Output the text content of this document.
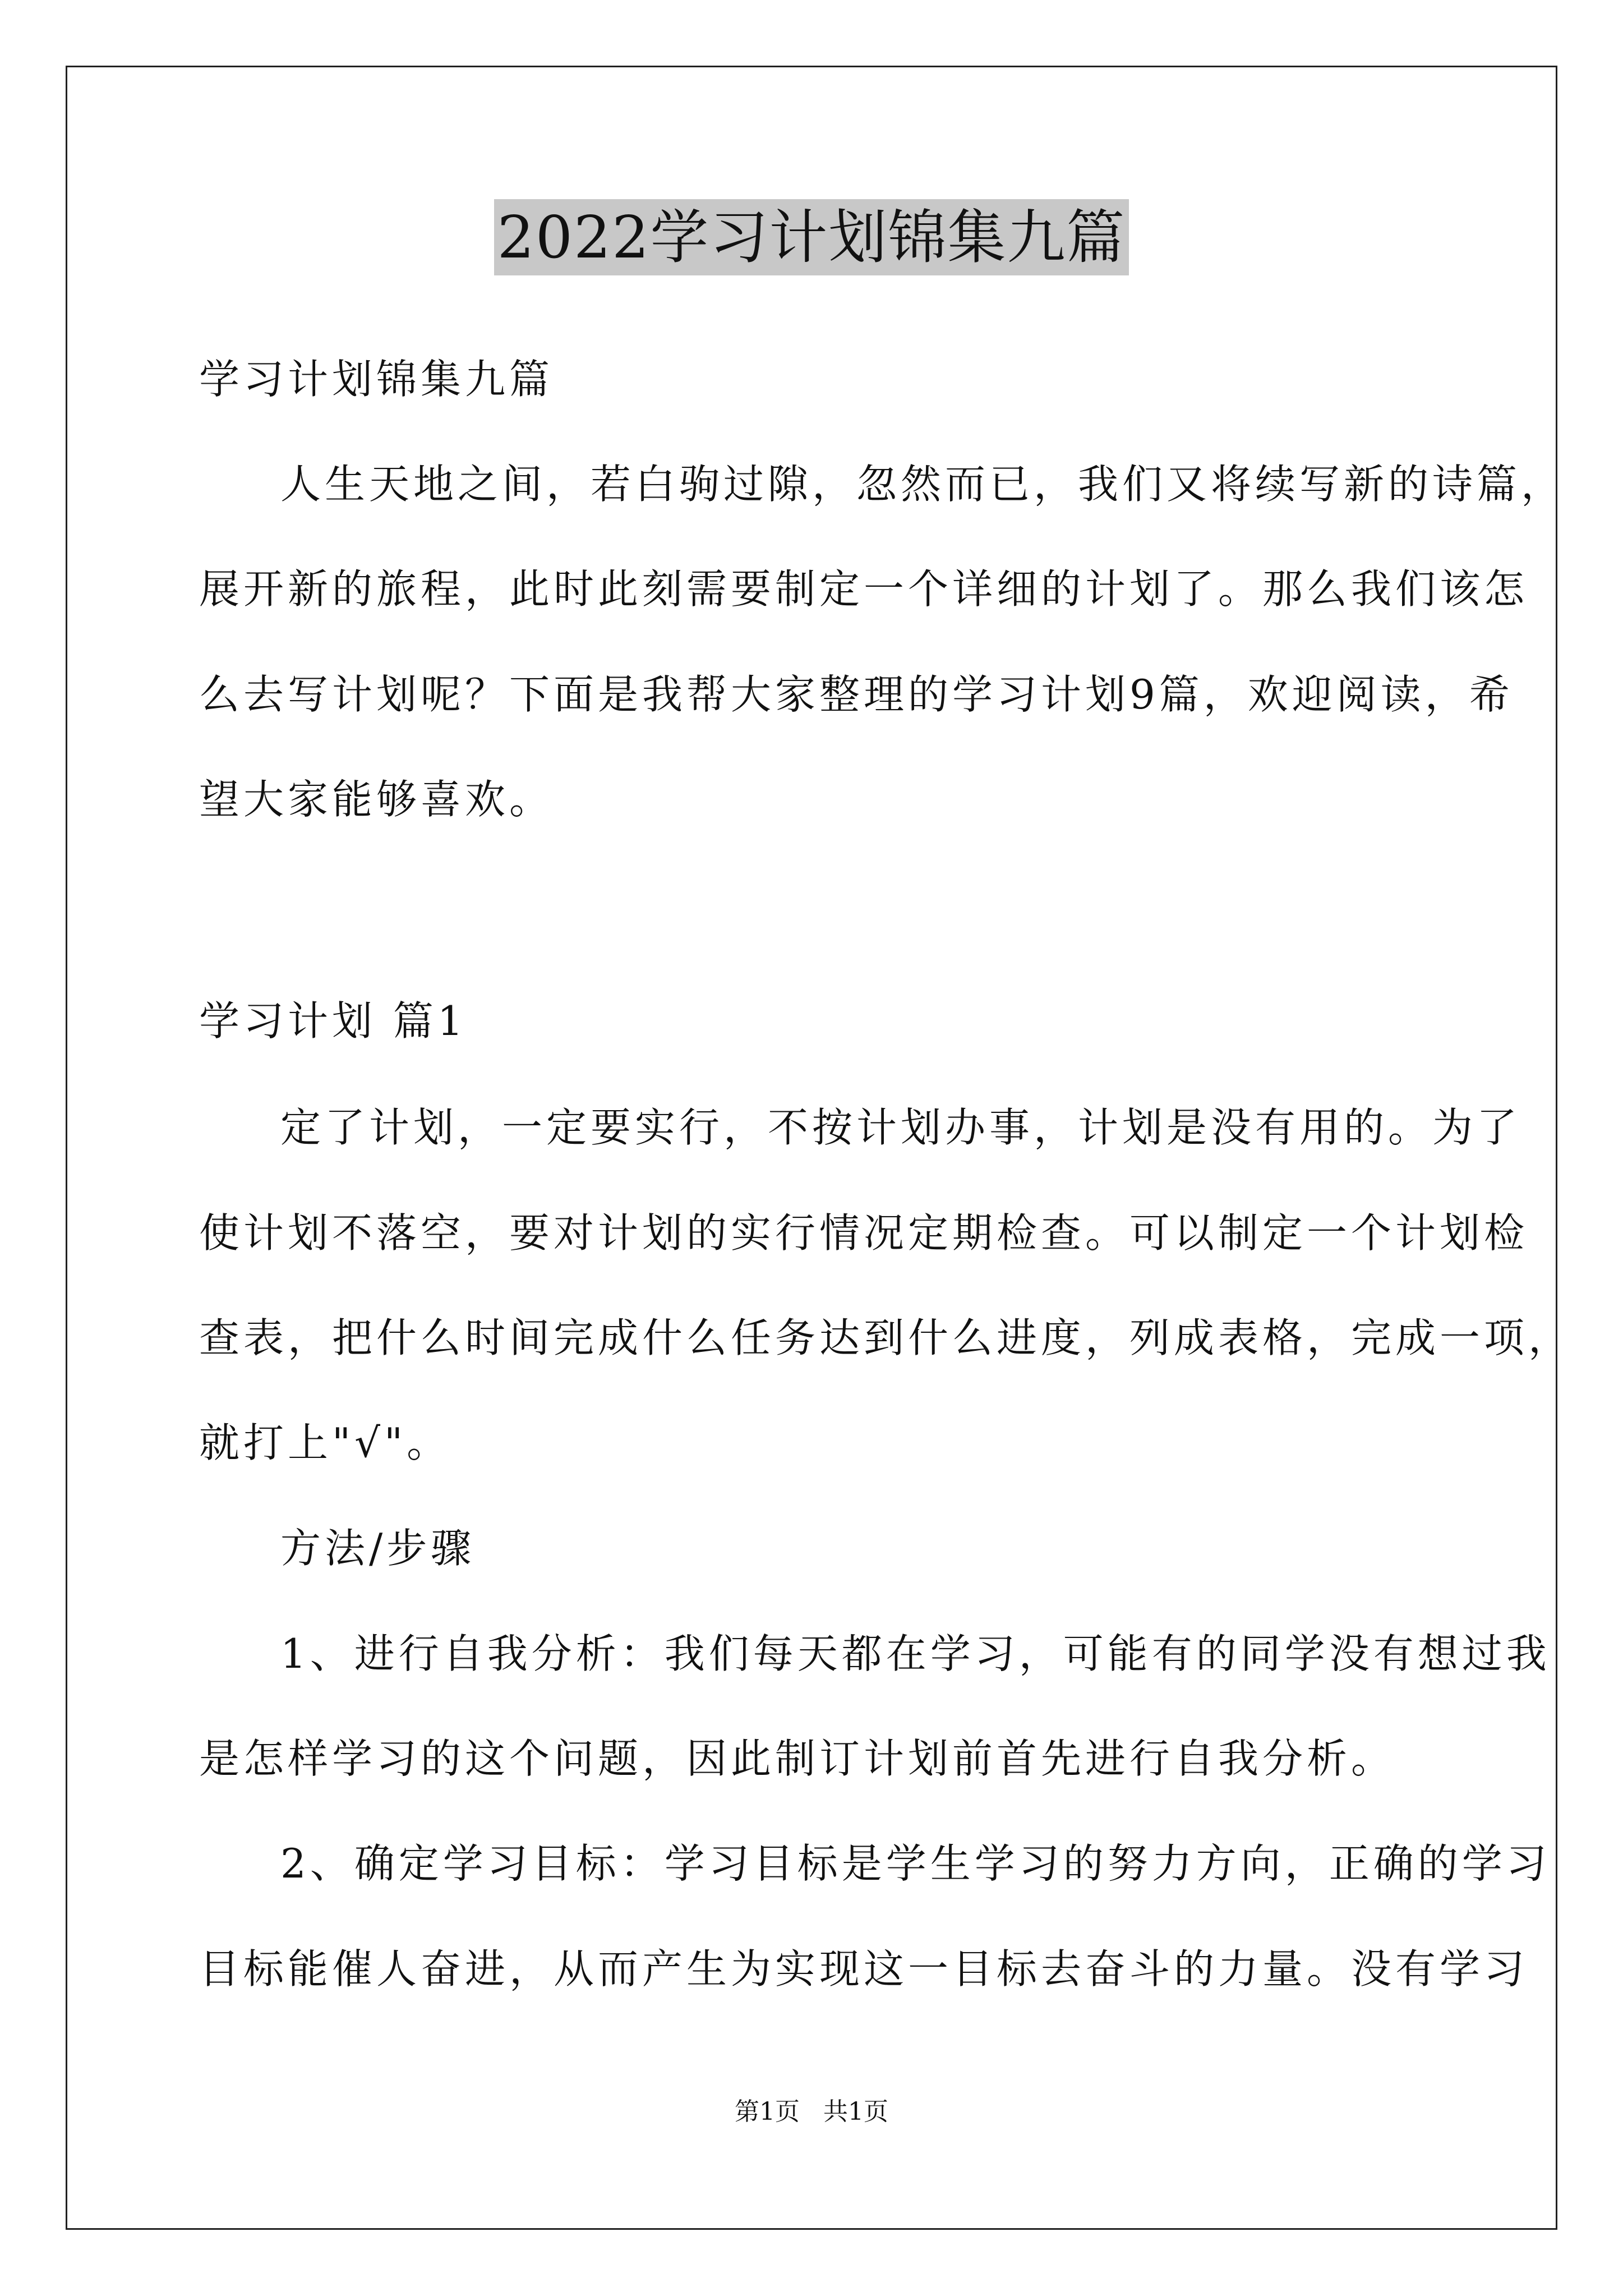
2022学习计划锦集九篇
学习计划锦集九篇
人生天地之间，若白驹过隙，忽然而已，我们又将续写新的诗篇，
展开新的旅程，此时此刻需要制定一个详细的计划了。那么我们该怎
么去写计划呢？下面是我帮大家整理的学习计划9篇，欢迎阅读，希
望大家能够喜欢。
学习计划 篇1
定了计划，一定要实行，不按计划办事，计划是没有用的。为了
使计划不落空，要对计划的实行情况定期检查。可以制定一个计划检
查表，把什么时间完成什么任务达到什么进度，列成表格，完成一项，
就打上"√"。
方法/步骤
1、进行自我分析：我们每天都在学习，可能有的同学没有想过我
是怎样学习的这个问题，因此制订计划前首先进行自我分析。
2、确定学习目标：学习目标是学生学习的努力方向，正确的学习
目标能催人奋进，从而产生为实现这一目标去奋斗的力量。没有学习
第1页 共1页
